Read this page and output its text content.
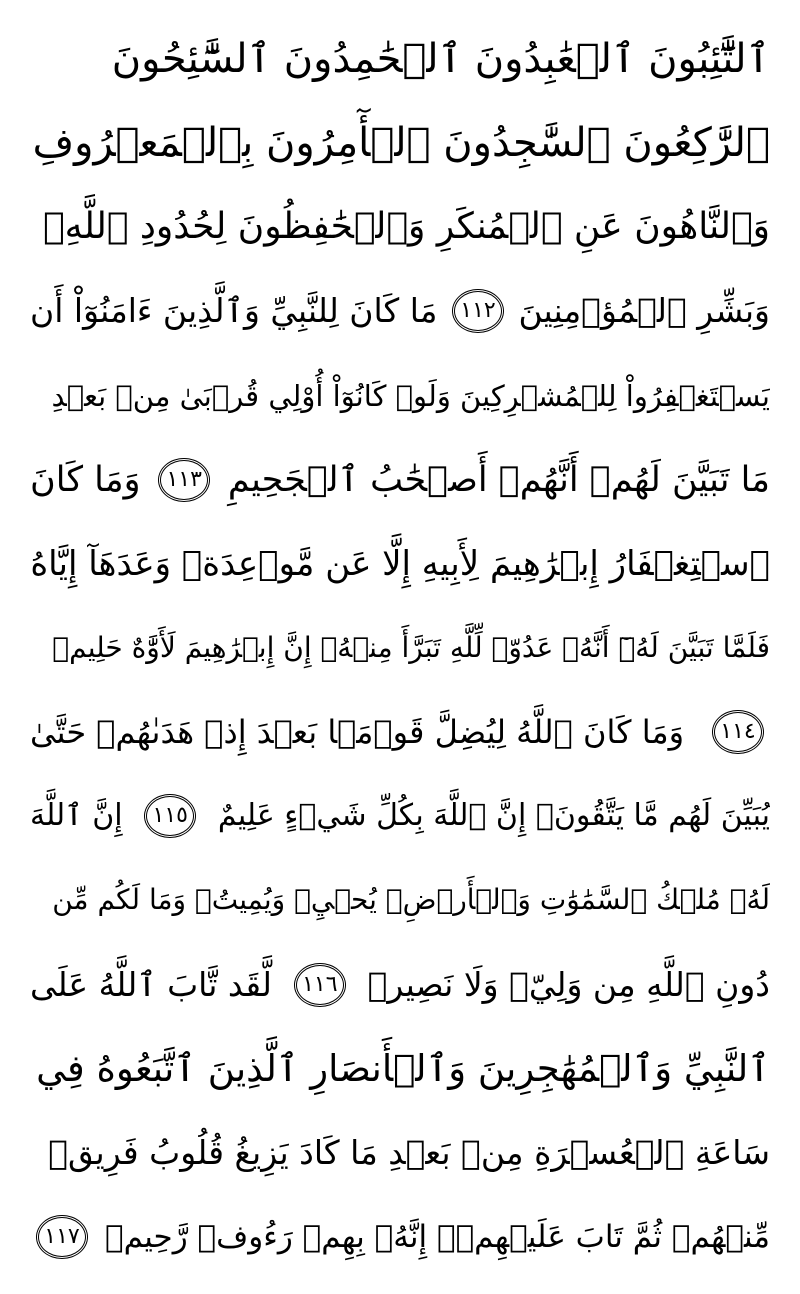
ٱلتَّٰٓئِبُونَ ٱلۡعَٰبِدُونَ ٱلۡحَٰمِدُونَ ٱلسَّٰٓئِحُونَ
ٱلرَّٰكِعُونَ ٱلسَّٰجِدُونَ ٱلۡأٓمِرُونَ بِٱلۡمَعۡرُوفِ
وَٱلنَّاهُونَ عَنِ ٱلۡمُنكَرِ وَٱلۡحَٰفِظُونَ لِحُدُودِ ٱللَّهِۗ
وَبَشِّرِ ٱلۡمُؤۡمِنِينَ
١١٢
مَا كَانَ لِلنَّبِيِّ وَٱلَّذِينَ ءَامَنُوٓاْ أَن
يَسۡتَغۡفِرُواْ لِلۡمُشۡرِكِينَ وَلَوۡ كَانُوٓاْ أُوْلِي قُرۡبَىٰ مِنۢ بَعۡدِ
مَا تَبَيَّنَ لَهُمۡ أَنَّهُمۡ أَصۡحَٰبُ ٱلۡجَحِيمِ
١١٣
وَمَا كَانَ
ٱسۡتِغۡفَارُ إِبۡرَٰهِيمَ لِأَبِيهِ إِلَّا عَن مَّوۡعِدَةٖ وَعَدَهَآ إِيَّاهُ
فَلَمَّا تَبَيَّنَ لَهُۥٓ أَنَّهُۥ عَدُوّٞ لِّلَّهِ تَبَرَّأَ مِنۡهُۚ إِنَّ إِبۡرَٰهِيمَ لَأَوَّٰهٌ حَلِيمٞ
١١٤
وَمَا كَانَ ٱللَّهُ لِيُضِلَّ قَوۡمَۢا بَعۡدَ إِذۡ هَدَىٰهُمۡ حَتَّىٰ
يُبَيِّنَ لَهُم مَّا يَتَّقُونَۚ إِنَّ ٱللَّهَ بِكُلِّ شَيۡءٍ عَلِيمٌ
١١٥
إِنَّ ٱللَّهَ
لَهُۥ مُلۡكُ ٱلسَّمَٰوَٰتِ وَٱلۡأَرۡضِۖ يُحۡيِۦ وَيُمِيتُۚ وَمَا لَكُم مِّن
دُونِ ٱللَّهِ مِن وَلِيّٖ وَلَا نَصِيرٖ
١١٦
لَّقَد تَّابَ ٱللَّهُ عَلَى
ٱلنَّبِيِّ وَٱلۡمُهَٰجِرِينَ وَٱلۡأَنصَارِ ٱلَّذِينَ ٱتَّبَعُوهُ فِي
سَاعَةِ ٱلۡعُسۡرَةِ مِنۢ بَعۡدِ مَا كَادَ يَزِيغُ قُلُوبُ فَرِيقٖ
مِّنۡهُمۡ ثُمَّ تَابَ عَلَيۡهِمۡۚ إِنَّهُۥ بِهِمۡ رَءُوفٞ رَّحِيمٞ
١١٧
